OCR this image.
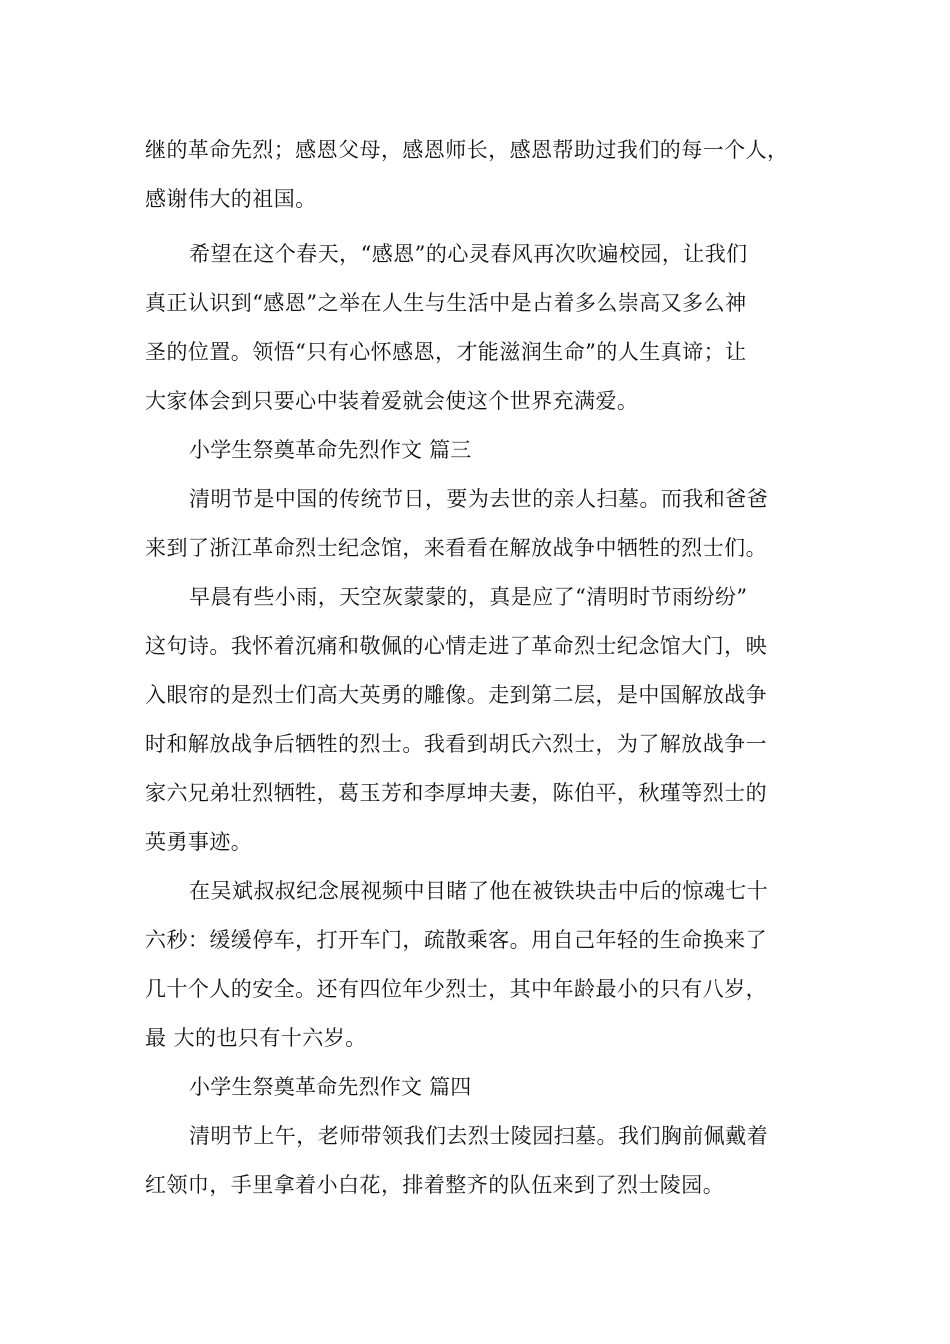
继的革命先烈；感恩父母，感恩师长，感恩帮助过我们的每一个人，
感谢伟大的祖国。
希望在这个春天，“感恩”的心灵春风再次吹遍校园，让我们
真正认识到“感恩”之举在人生与生活中是占着多么崇高又多么神
圣的位置。领悟“只有心怀感恩，才能滋润生命”的人生真谛；让
大家体会到只要心中装着爱就会使这个世界充满爱。
小学生祭奠革命先烈作文 篇三
清明节是中国的传统节日，要为去世的亲人扫墓。而我和爸爸
来到了浙江革命烈士纪念馆，来看看在解放战争中牺牲的烈士们。
早晨有些小雨，天空灰蒙蒙的，真是应了“清明时节雨纷纷”
这句诗。我怀着沉痛和敬佩的心情走进了革命烈士纪念馆大门，映
入眼帘的是烈士们高大英勇的雕像。走到第二层，是中国解放战争
时和解放战争后牺牲的烈士。我看到胡氏六烈士，为了解放战争一
家六兄弟壮烈牺牲，葛玉芳和李厚坤夫妻，陈伯平，秋瑾等烈士的
英勇事迹。
在吴斌叔叔纪念展视频中目睹了他在被铁块击中后的惊魂七十
六秒：缓缓停车，打开车门，疏散乘客。用自己年轻的生命换来了
几十个人的安全。还有四位年少烈士，其中年龄最小的只有八岁，
最 大的也只有十六岁。
小学生祭奠革命先烈作文 篇四
清明节上午，老师带领我们去烈士陵园扫墓。我们胸前佩戴着
红领巾，手里拿着小白花，排着整齐的队伍来到了烈士陵园。
